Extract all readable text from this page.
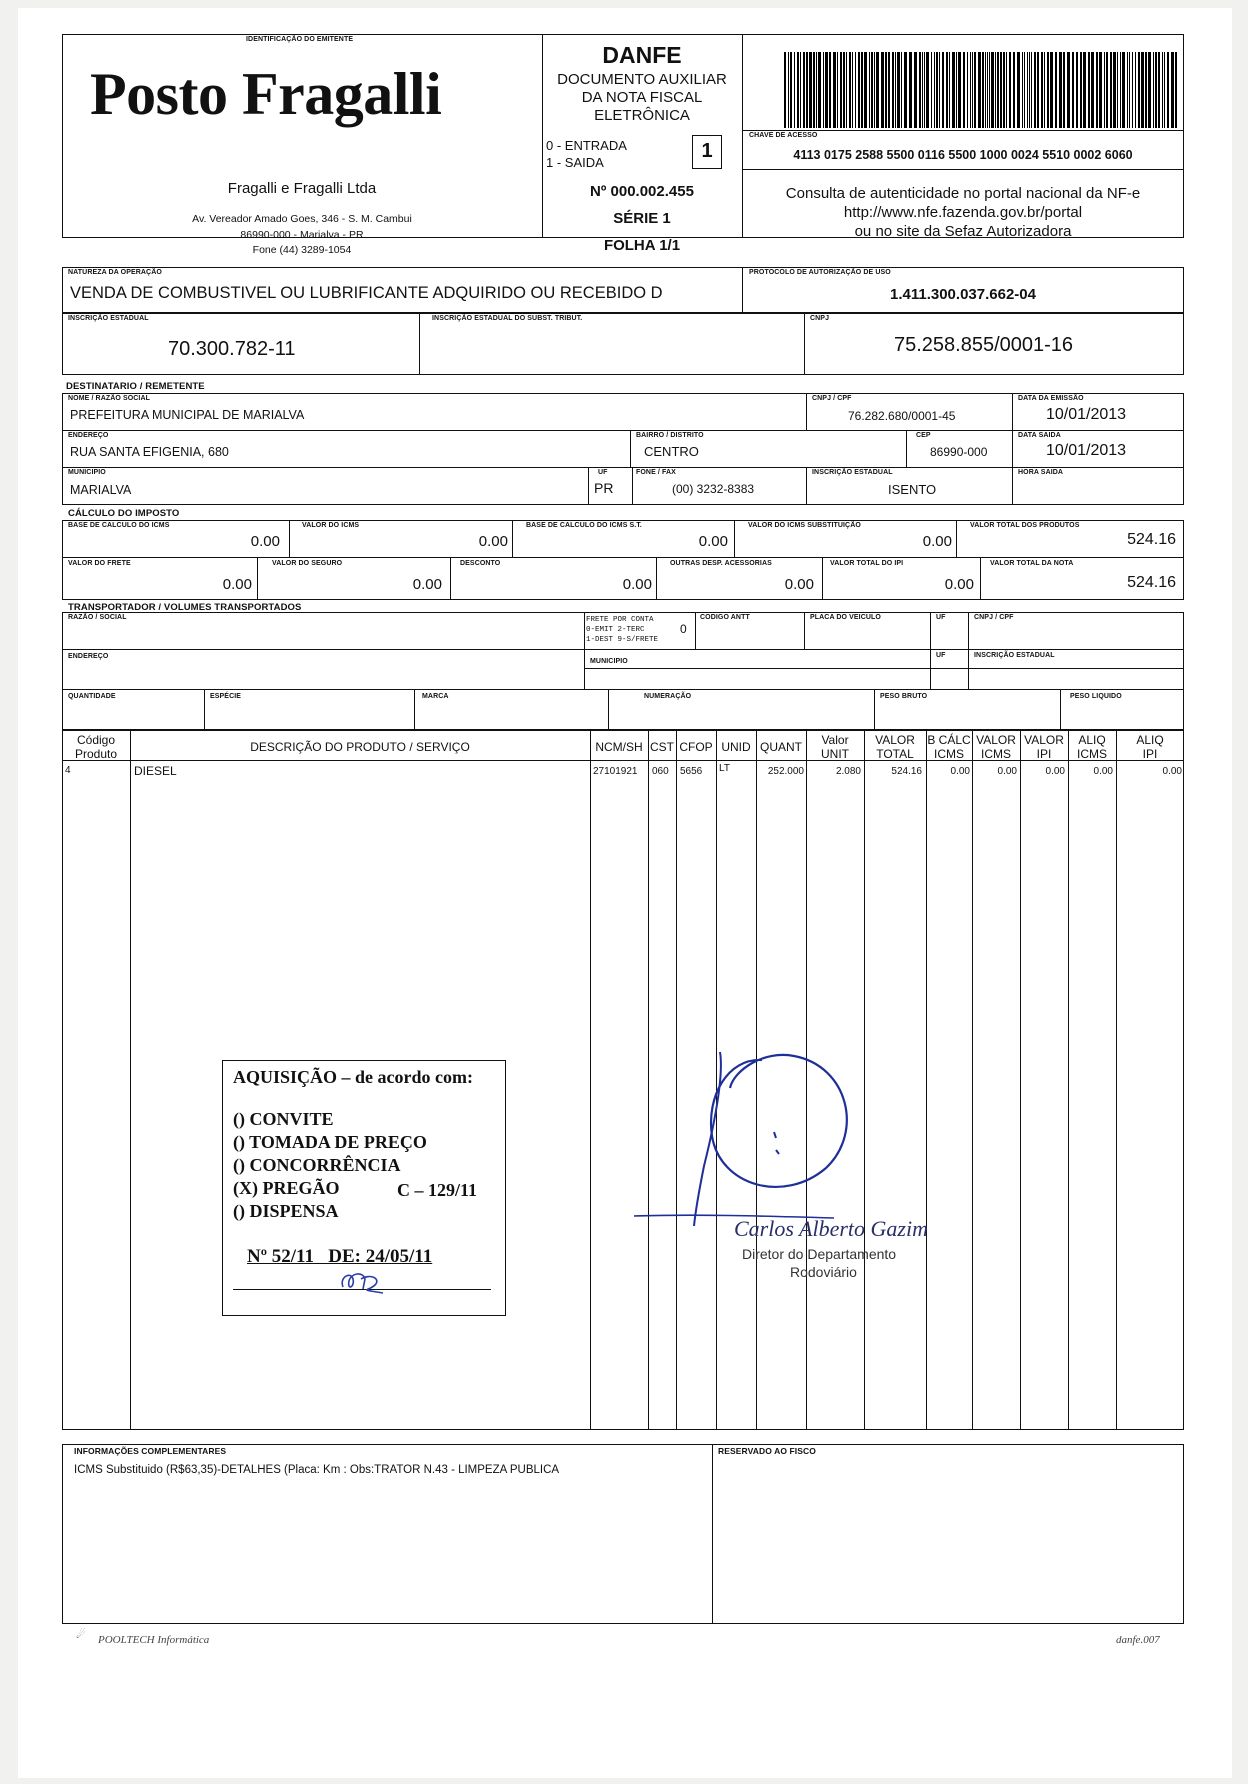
IDENTIFICAÇÃO DO EMITENTE
Posto Fragalli
Fragalli e Fragalli Ltda
Av. Vereador Amado Goes, 346 - S. M. Cambui
86990-000 - Marialva - PR
Fone (44) 3289-1054
DANFE
DOCUMENTO AUXILIAR
DA NOTA FISCAL
ELETRÔNICA
0 - ENTRADA
1 - SAIDA
1
Nº 000.002.455
SÉRIE 1
FOLHA 1/1
CHAVE DE ACESSO
4113 0175 2588 5500 0116 5500 1000 0024 5510 0002 6060
Consulta de autenticidade no portal nacional da NF-e
http://www.nfe.fazenda.gov.br/portal
ou no site da Sefaz Autorizadora
NATUREZA DA OPERAÇÃO
VENDA DE COMBUSTIVEL OU LUBRIFICANTE ADQUIRIDO OU RECEBIDO D
PROTOCOLO DE AUTORIZAÇÃO DE USO
1.411.300.037.662-04
INSCRIÇÃO ESTADUAL
70.300.782-11
INSCRIÇÃO ESTADUAL DO SUBST. TRIBUT.	CNPJ
75.258.855/0001-16
DESTINATARIO / REMETENTE
NOME / RAZÃO SOCIAL
PREFEITURA MUNICIPAL DE MARIALVA
CNPJ / CPF
76.282.680/0001-45
DATA DA EMISSÃO
10/01/2013
ENDEREÇO
RUA SANTA EFIGENIA, 680
BAIRRO / DISTRITO
CENTRO
CEP
86990-000
DATA SAIDA
10/01/2013
MUNICIPIO
MARIALVA
UF
PR
FONE / FAX
(00) 3232-8383
INSCRIÇÃO ESTADUAL
ISENTO
HORA SAIDA
CÁLCULO DO IMPOSTO
BASE DE CALCULO DO ICMS
0.00
VALOR DO ICMS
0.00
BASE DE CALCULO DO ICMS S.T.
0.00
VALOR DO ICMS SUBSTITUIÇÃO
0.00
VALOR TOTAL DOS PRODUTOS
524.16
VALOR DO FRETE
0.00
VALOR DO SEGURO
0.00
DESCONTO
0.00
OUTRAS DESP. ACESSORIAS
0.00
VALOR TOTAL DO IPI
0.00
VALOR TOTAL DA NOTA
524.16
TRANSPORTADOR / VOLUMES TRANSPORTADOS
RAZÃO / SOCIAL	FRETE POR CONTA
0-EMIT 2-TERC
1-DEST 9-S/FRETE
0
CODIGO ANTT	PLACA DO VEICULO	UF	CNPJ / CPF
ENDEREÇO
MUNICIPIO
UF	INSCRIÇÃO ESTADUAL
QUANTIDADE	ESPÉCIE	MARCA	NUMERAÇÃO	PESO BRUTO	PESO LIQUIDO
Código
Produto	DESCRIÇÃO DO PRODUTO / SERVIÇO	NCM/SH CST CFOP UNID QUANT	Valor
UNIT
VALOR
TOTAL
B CÁLC
ICMS
VALOR
ICMS
VALOR
IPI
ALIQ
ICMS
ALIQ
IPI
4	DIESEL	27101921 060 5656 LT	252.000	2.080	524.16	0.00	0.00	0.00	0.00	0.00
AQUISIÇÃO – de acordo com:
() CONVITE
() TOMADA DE PREÇO
() CONCORRÊNCIA
(X) PREGÃO	C – 129/11
() DISPENSA
Nº 52/11   DE: 24/05/11
Carlos Alberto Gazim
Diretor do Departamento
Rodoviário
INFORMAÇÕES COMPLEMENTARES
ICMS Substituido (R$63,35)-DETALHES (Placa: Km : Obs:TRATOR N.43 - LIMPEZA PUBLICA
RESERVADO AO FISCO
POOLTECH Informática
☄	danfe.007
